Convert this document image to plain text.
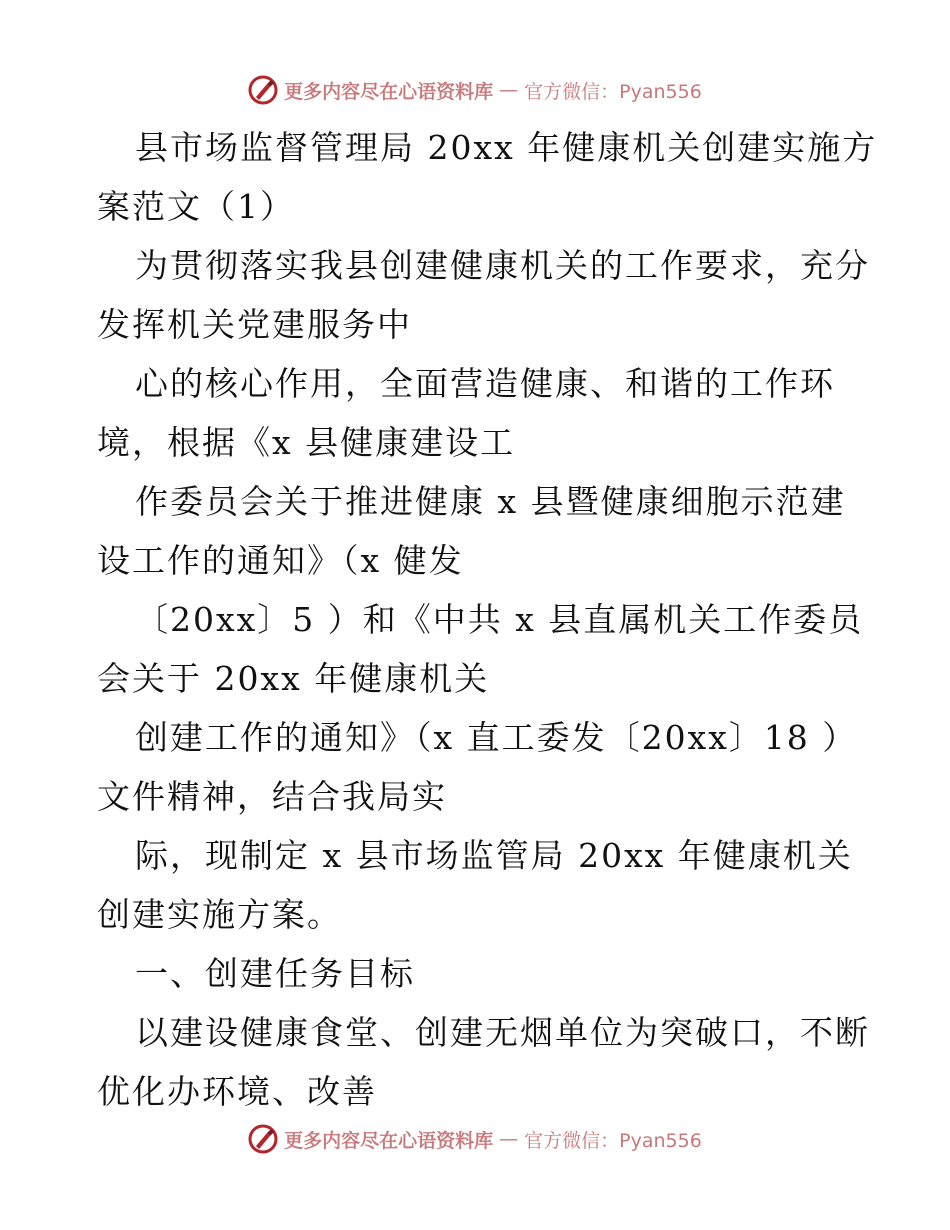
更多内容尽在心语资料库 — 官方微信：Pyan556
县市场监督管理局 20xx 年健康机关创建实施方
案范文（1）
为贯彻落实我县创建健康机关的工作要求，充分
发挥机关党建服务中
心的核心作用，全面营造健康、和谐的工作环
境，根据《x 县健康建设工
作委员会关于推进健康 x 县暨健康细胞示范建
设工作的通知》（x 健发
〔20xx〕5 ）和《中共 x 县直属机关工作委员
会关于 20xx 年健康机关
创建工作的通知》（x 直工委发〔20xx〕18 ）
文件精神，结合我局实
际，现制定 x 县市场监管局 20xx 年健康机关
创建实施方案。
一、创建任务目标
以建设健康食堂、创建无烟单位为突破口，不断
优化办环境、改善
更多内容尽在心语资料库 — 官方微信：Pyan556
